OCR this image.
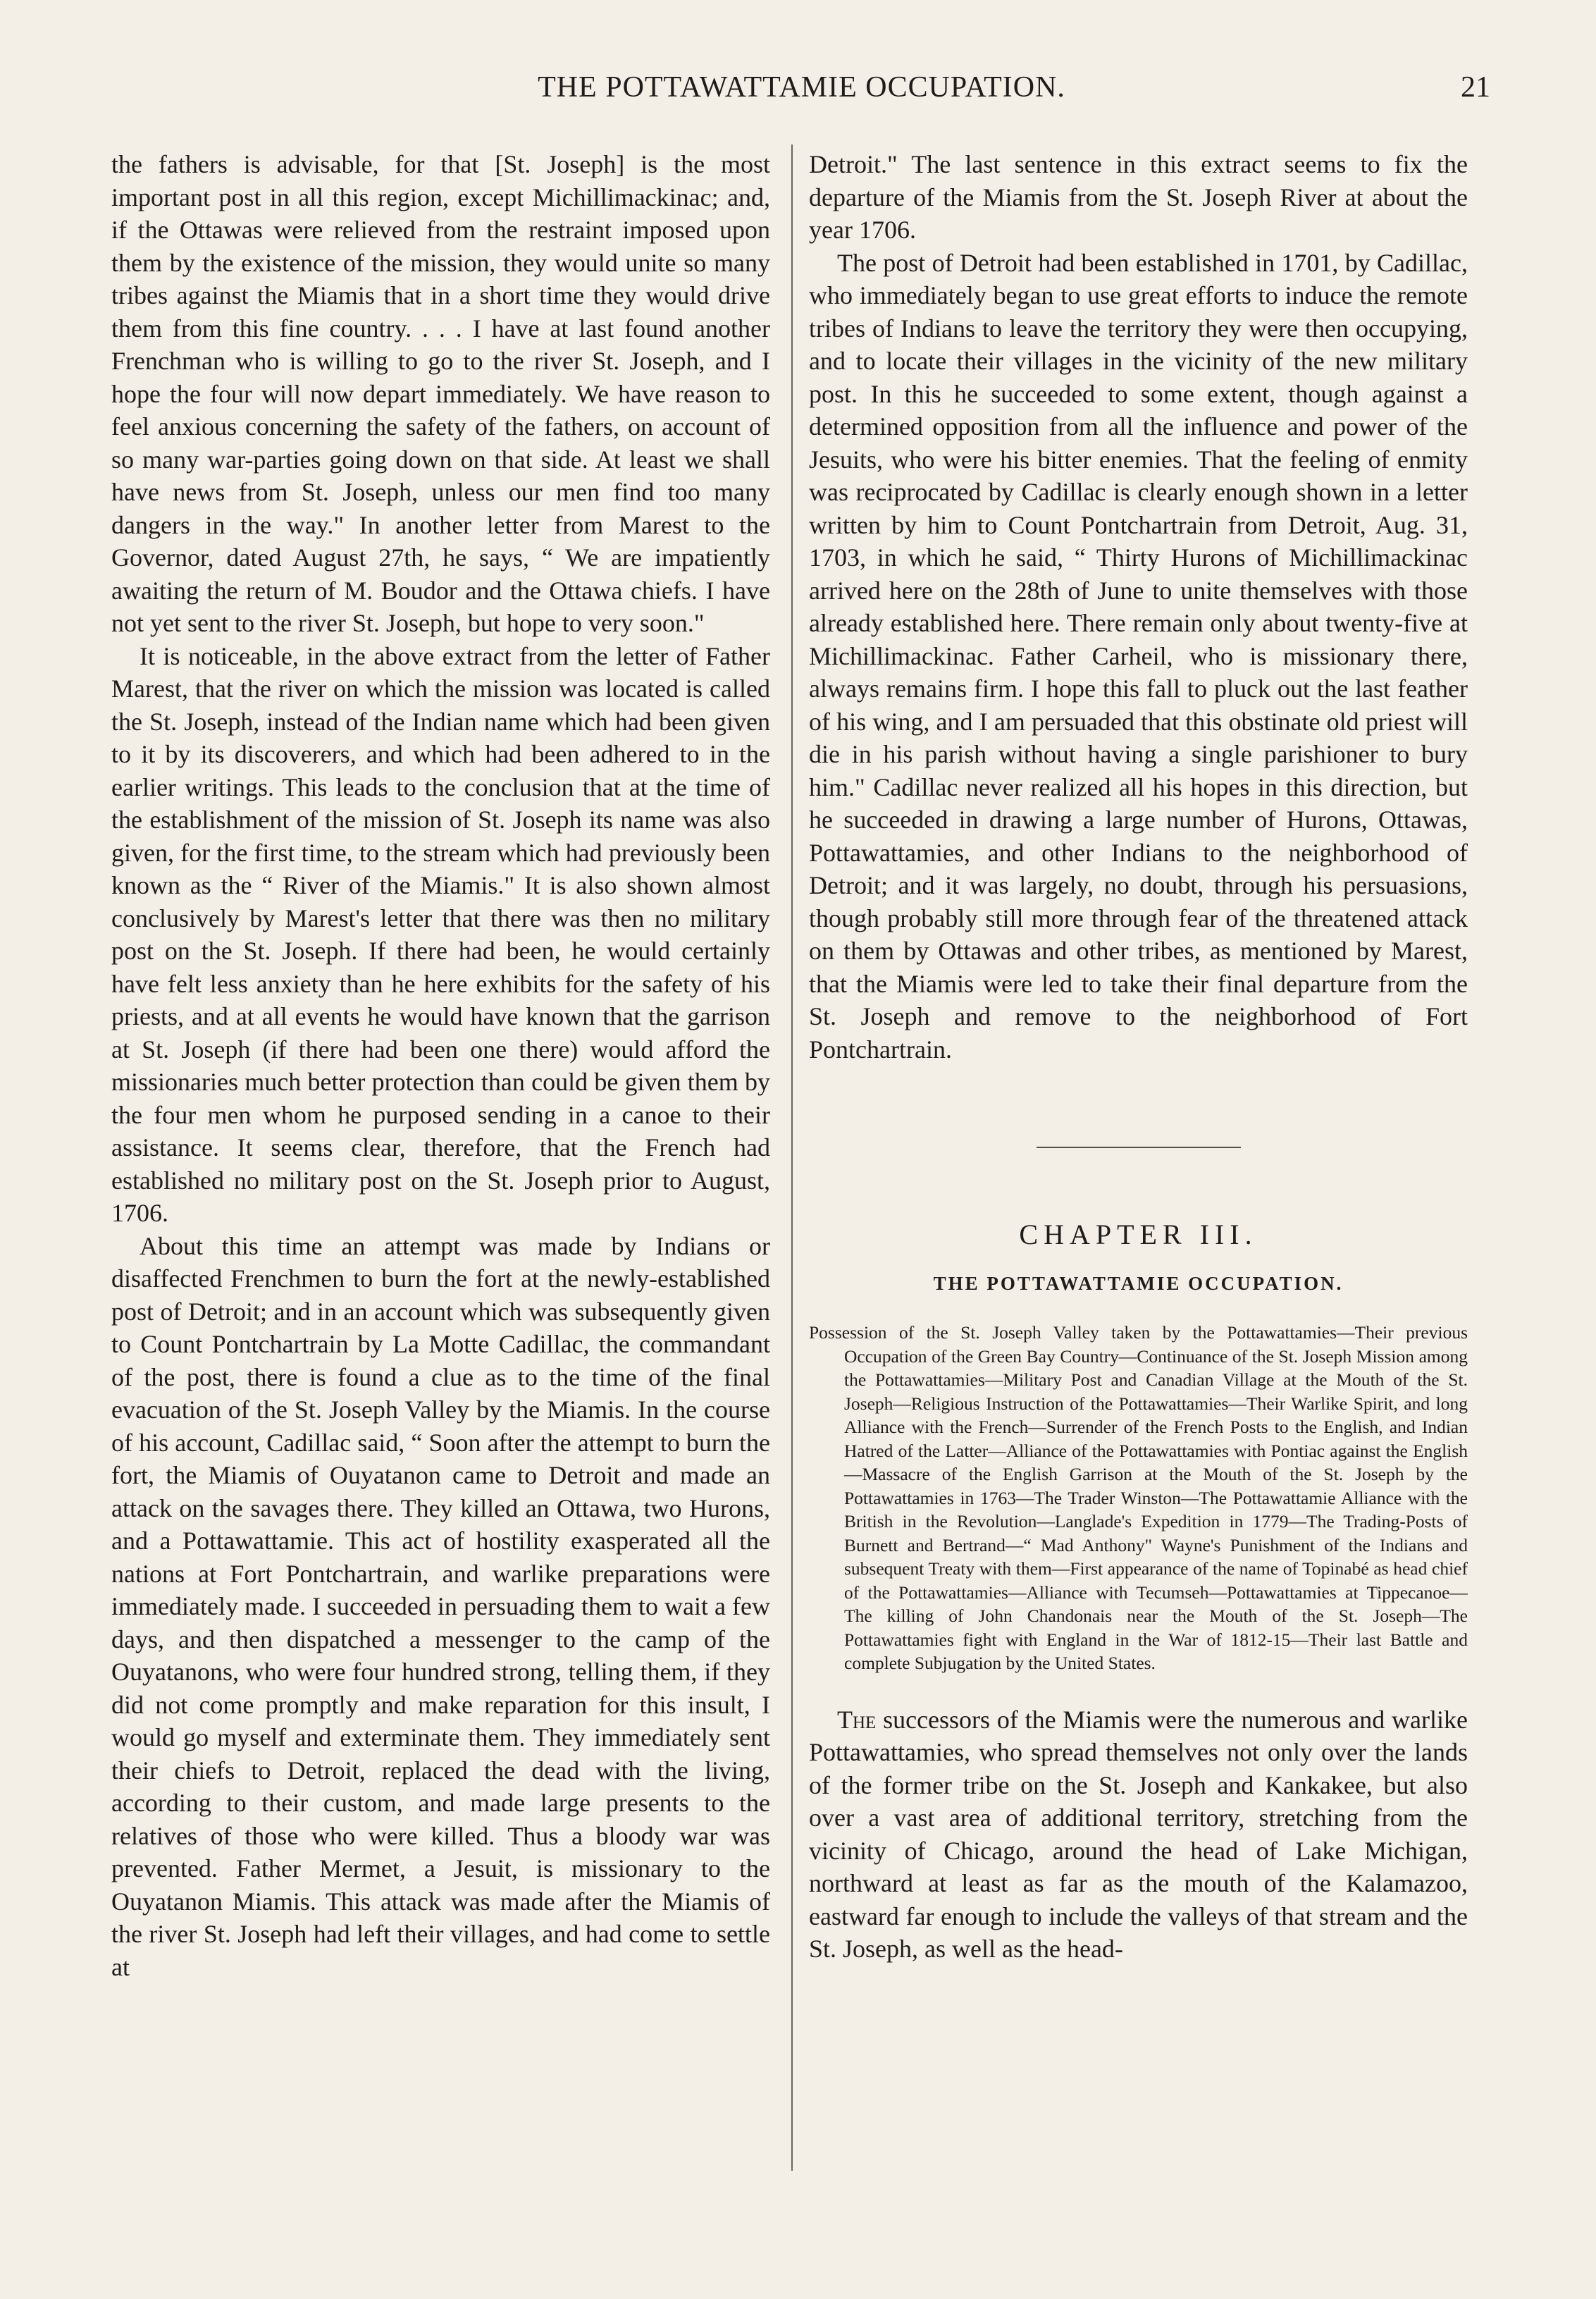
THE POTTAWATTAMIE OCCUPATION.	21

the fathers is advisable, for that [St. Joseph] is the most important post in all this region, except Michillimackinac; and, if the Ottawas were relieved from the restraint imposed upon them by the existence of the mission, they would unite so many tribes against the Miamis that in a short time they would drive them from this fine country. . . . I have at last found another Frenchman who is willing to go to the river St. Joseph, and I hope the four will now depart immediately. We have reason to feel anxious concerning the safety of the fathers, on account of so many war-parties going down on that side. At least we shall have news from St. Joseph, unless our men find too many dangers in the way." In another letter from Marest to the Governor, dated August 27th, he says, “ We are impatiently awaiting the return of M. Boudor and the Ottawa chiefs. I have not yet sent to the river St. Joseph, but hope to very soon."

It is noticeable, in the above extract from the letter of Father Marest, that the river on which the mission was located is called the St. Joseph, instead of the Indian name which had been given to it by its discoverers, and which had been adhered to in the earlier writings. This leads to the conclusion that at the time of the establishment of the mission of St. Joseph its name was also given, for the first time, to the stream which had previously been known as the “ River of the Miamis." It is also shown almost conclusively by Marest's letter that there was then no military post on the St. Joseph. If there had been, he would certainly have felt less anxiety than he here exhibits for the safety of his priests, and at all events he would have known that the garrison at St. Joseph (if there had been one there) would afford the missionaries much better protection than could be given them by the four men whom he purposed sending in a canoe to their assistance. It seems clear, therefore, that the French had established no military post on the St. Joseph prior to August, 1706.

About this time an attempt was made by Indians or disaffected Frenchmen to burn the fort at the newly-established post of Detroit; and in an account which was subsequently given to Count Pontchartrain by La Motte Cadillac, the commandant of the post, there is found a clue as to the time of the final evacuation of the St. Joseph Valley by the Miamis. In the course of his account, Cadillac said, “ Soon after the attempt to burn the fort, the Miamis of Ouyatanon came to Detroit and made an attack on the savages there. They killed an Ottawa, two Hurons, and a Pottawattamie. This act of hostility exasperated all the nations at Fort Pontchartrain, and warlike preparations were immediately made. I succeeded in persuading them to wait a few days, and then dispatched a messenger to the camp of the Ouyatanons, who were four hundred strong, telling them, if they did not come promptly and make reparation for this insult, I would go myself and exterminate them. They immediately sent their chiefs to Detroit, replaced the dead with the living, according to their custom, and made large presents to the relatives of those who were killed. Thus a bloody war was prevented. Father Mermet, a Jesuit, is missionary to the Ouyatanon Miamis. This attack was made after the Miamis of the river St. Joseph had left their villages, and had come to settle at

Detroit." The last sentence in this extract seems to fix the departure of the Miamis from the St. Joseph River at about the year 1706.

The post of Detroit had been established in 1701, by Cadillac, who immediately began to use great efforts to induce the remote tribes of Indians to leave the territory they were then occupying, and to locate their villages in the vicinity of the new military post. In this he succeeded to some extent, though against a determined opposition from all the influence and power of the Jesuits, who were his bitter enemies. That the feeling of enmity was reciprocated by Cadillac is clearly enough shown in a letter written by him to Count Pontchartrain from Detroit, Aug. 31, 1703, in which he said, “ Thirty Hurons of Michillimackinac arrived here on the 28th of June to unite themselves with those already established here. There remain only about twenty-five at Michillimackinac. Father Carheil, who is missionary there, always remains firm. I hope this fall to pluck out the last feather of his wing, and I am persuaded that this obstinate old priest will die in his parish without having a single parishioner to bury him." Cadillac never realized all his hopes in this direction, but he succeeded in drawing a large number of Hurons, Ottawas, Pottawattamies, and other Indians to the neighborhood of Detroit; and it was largely, no doubt, through his persuasions, though probably still more through fear of the threatened attack on them by Ottawas and other tribes, as mentioned by Marest, that the Miamis were led to take their final departure from the St. Joseph and remove to the neighborhood of Fort Pontchartrain.

CHAPTER III.
THE POTTAWATTAMIE OCCUPATION.
Possession of the St. Joseph Valley taken by the Pottawattamies—Their previous Occupation of the Green Bay Country—Continuance of the St. Joseph Mission among the Pottawattamies—Military Post and Canadian Village at the Mouth of the St. Joseph—Religious Instruction of the Pottawattamies—Their Warlike Spirit, and long Alliance with the French—Surrender of the French Posts to the English, and Indian Hatred of the Latter—Alliance of the Pottawattamies with Pontiac against the English—Massacre of the English Garrison at the Mouth of the St. Joseph by the Pottawattamies in 1763—The Trader Winston—The Pottawattamie Alliance with the British in the Revolution—Langlade's Expedition in 1779—The Trading-Posts of Burnett and Bertrand—“ Mad Anthony" Wayne's Punishment of the Indians and subsequent Treaty with them—First appearance of the name of Topinabé as head chief of the Pottawattamies—Alliance with Tecumseh—Pottawattamies at Tippecanoe—The killing of John Chandonais near the Mouth of the St. Joseph—The Pottawattamies fight with England in the War of 1812-15—Their last Battle and complete Subjugation by the United States.

The successors of the Miamis were the numerous and warlike Pottawattamies, who spread themselves not only over the lands of the former tribe on the St. Joseph and Kankakee, but also over a vast area of additional territory, stretching from the vicinity of Chicago, around the head of Lake Michigan, northward at least as far as the mouth of the Kalamazoo, eastward far enough to include the valleys of that stream and the St. Joseph, as well as the head-
